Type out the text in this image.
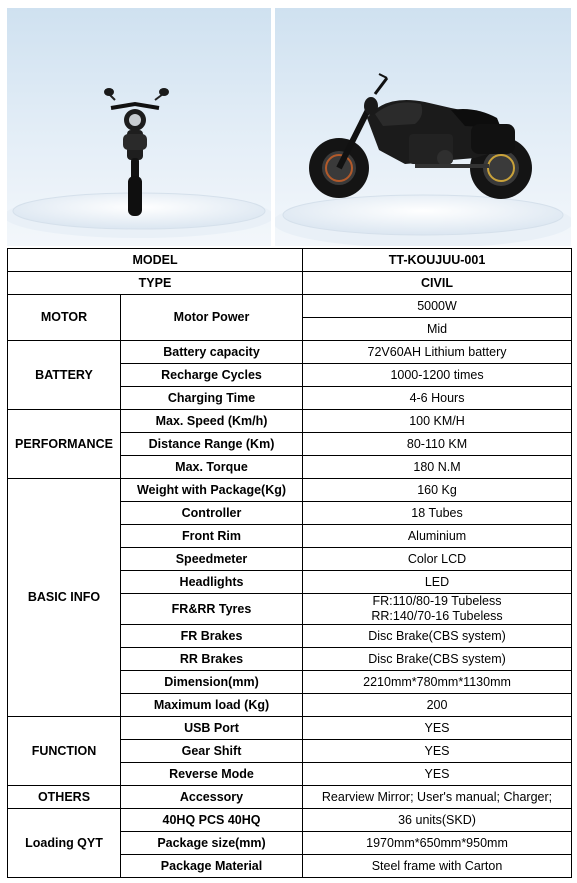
MODEL		TT-KOUJUU-001
TYPE		CIVIL
MOTOR	Motor Power	5000W
		Mid
BATTERY	Battery capacity	72V60AH Lithium battery
	Recharge Cycles	1000-1200 times
	Charging Time	4-6 Hours
PERFORMANCE	Max. Speed (Km/h)	100 KM/H
	Distance Range (Km)	80-110 KM
	Max. Torque	180 N.M
BASIC INFO	Weight with Package(Kg)	160 Kg
	Controller	18 Tubes
	Front Rim	Aluminium
	Speedmeter	Color LCD
	Headlights	LED
	FR&RR Tyres	FR:110/80-19 Tubeless
RR:140/70-16 Tubeless

	FR Brakes	Disc Brake(CBS system)
	RR Brakes	Disc Brake(CBS system)
	Dimension(mm)	2210mm*780mm*1130mm
	Maximum load (Kg)	200
FUNCTION	USB Port	YES
	Gear Shift	YES
	Reverse Mode	YES
OTHERS	Accessory	Rearview Mirror; User's manual; Charger;
Loading QYT	40HQ PCS 40HQ	36 units(SKD)
	Package size(mm)	1970mm*650mm*950mm
	Package Material	Steel frame with Carton
